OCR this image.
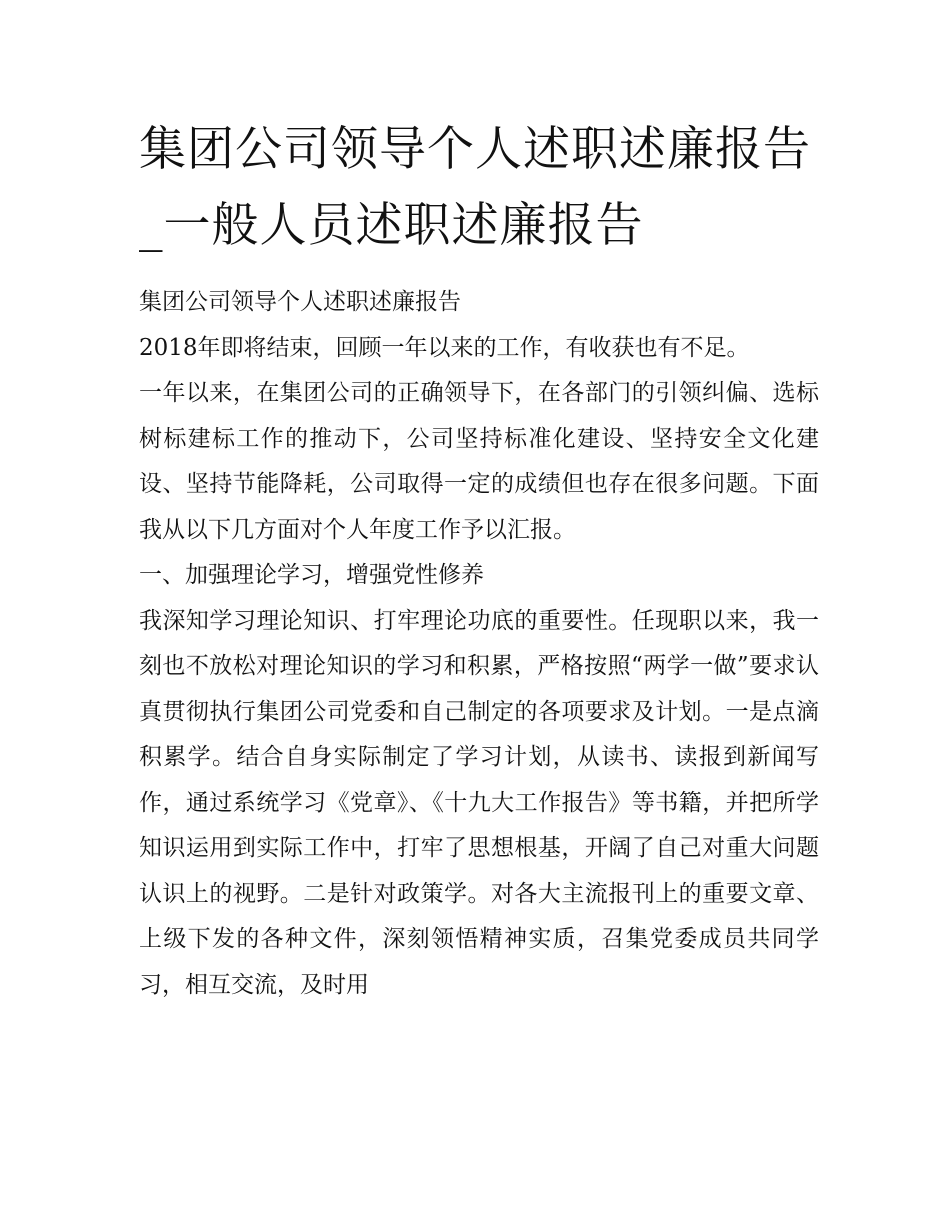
集团公司领导个人述职述廉报告_一般人员述职述廉报告

集团公司领导个人述职述廉报告

2018年即将结束，回顾一年以来的工作，有收获也有不足。

一年以来，在集团公司的正确领导下，在各部门的引领纠偏、选标树标建标工作的推动下，公司坚持标准化建设、坚持安全文化建设、坚持节能降耗，公司取得一定的成绩但也存在很多问题。下面我从以下几方面对个人年度工作予以汇报。

一、加强理论学习，增强党性修养

我深知学习理论知识、打牢理论功底的重要性。任现职以来，我一刻也不放松对理论知识的学习和积累，严格按照“两学一做”要求认真贯彻执行集团公司党委和自己制定的各项要求及计划。一是点滴积累学。结合自身实际制定了学习计划，从读书、读报到新闻写作，通过系统学习《党章》、《十九大工作报告》等书籍，并把所学知识运用到实际工作中，打牢了思想根基，开阔了自己对重大问题认识上的视野。二是针对政策学。对各大主流报刊上的重要文章、上级下发的各种文件，深刻领悟精神实质，召集党委成员共同学习，相互交流，及时用
